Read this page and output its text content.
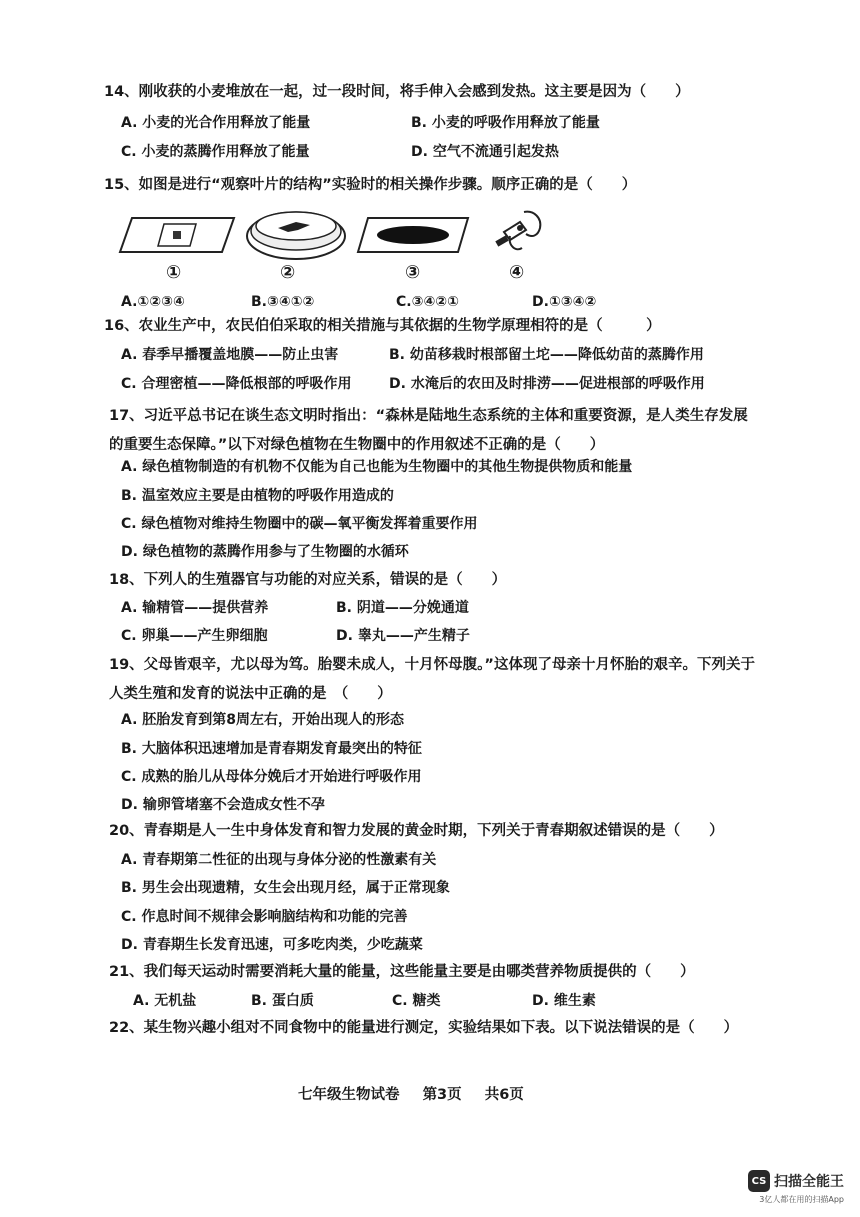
14、刚收获的小麦堆放在一起，过一段时间，将手伸入会感到发热。这主要是因为（　　）
A. 小麦的光合作用释放了能量	B. 小麦的呼吸作用释放了能量
C. 小麦的蒸腾作用释放了能量	D. 空气不流通引起发热
15、如图是进行“观察叶片的结构”实验时的相关操作步骤。顺序正确的是（　　）
①	②	③	④
A.①②③④	B.③④①②	C.③④②①	D.①③④②
16、农业生产中，农民伯伯采取的相关措施与其依据的生物学原理相符的是（　　　）
A. 春季早播覆盖地膜——防止虫害	B. 幼苗移栽时根部留土坨——降低幼苗的蒸腾作用
C. 合理密植——降低根部的呼吸作用	D. 水淹后的农田及时排涝——促进根部的呼吸作用
17、习近平总书记在谈生态文明时指出：“森林是陆地生态系统的主体和重要资源，是人类生存发展的重要生态保障。”以下对绿色植物在生物圈中的作用叙述不正确的是（　　）
A. 绿色植物制造的有机物不仅能为自己也能为生物圈中的其他生物提供物质和能量
B. 温室效应主要是由植物的呼吸作用造成的
C. 绿色植物对维持生物圈中的碳—氧平衡发挥着重要作用
D. 绿色植物的蒸腾作用参与了生物圈的水循环
18、下列人的生殖器官与功能的对应关系，错误的是（　　）
A. 输精管——提供营养	B. 阴道——分娩通道
C. 卵巢——产生卵细胞	D. 睾丸——产生精子
19、父母皆艰辛，尤以母为笃。胎婴未成人，十月怀母腹。”这体现了母亲十月怀胎的艰辛。下列关于人类生殖和发育的说法中正确的是　（　　）
A. 胚胎发育到第8周左右，开始出现人的形态
B. 大脑体积迅速增加是青春期发育最突出的特征
C. 成熟的胎儿从母体分娩后才开始进行呼吸作用
D. 输卵管堵塞不会造成女性不孕
20、青春期是人一生中身体发育和智力发展的黄金时期，下列关于青春期叙述错误的是（　　）
A. 青春期第二性征的出现与身体分泌的性激素有关
B. 男生会出现遗精，女生会出现月经，属于正常现象
C. 作息时间不规律会影响脑结构和功能的完善
D. 青春期生长发育迅速，可多吃肉类，少吃蔬菜
21、我们每天运动时需要消耗大量的能量，这些能量主要是由哪类营养物质提供的（　　）
A. 无机盐	B. 蛋白质	C. 糖类	D. 维生素
22、某生物兴趣小组对不同食物中的能量进行测定，实验结果如下表。以下说法错误的是（　　）
七年级生物试卷 第3页 共6页
CS 扫描全能王
3亿人都在用的扫描App
